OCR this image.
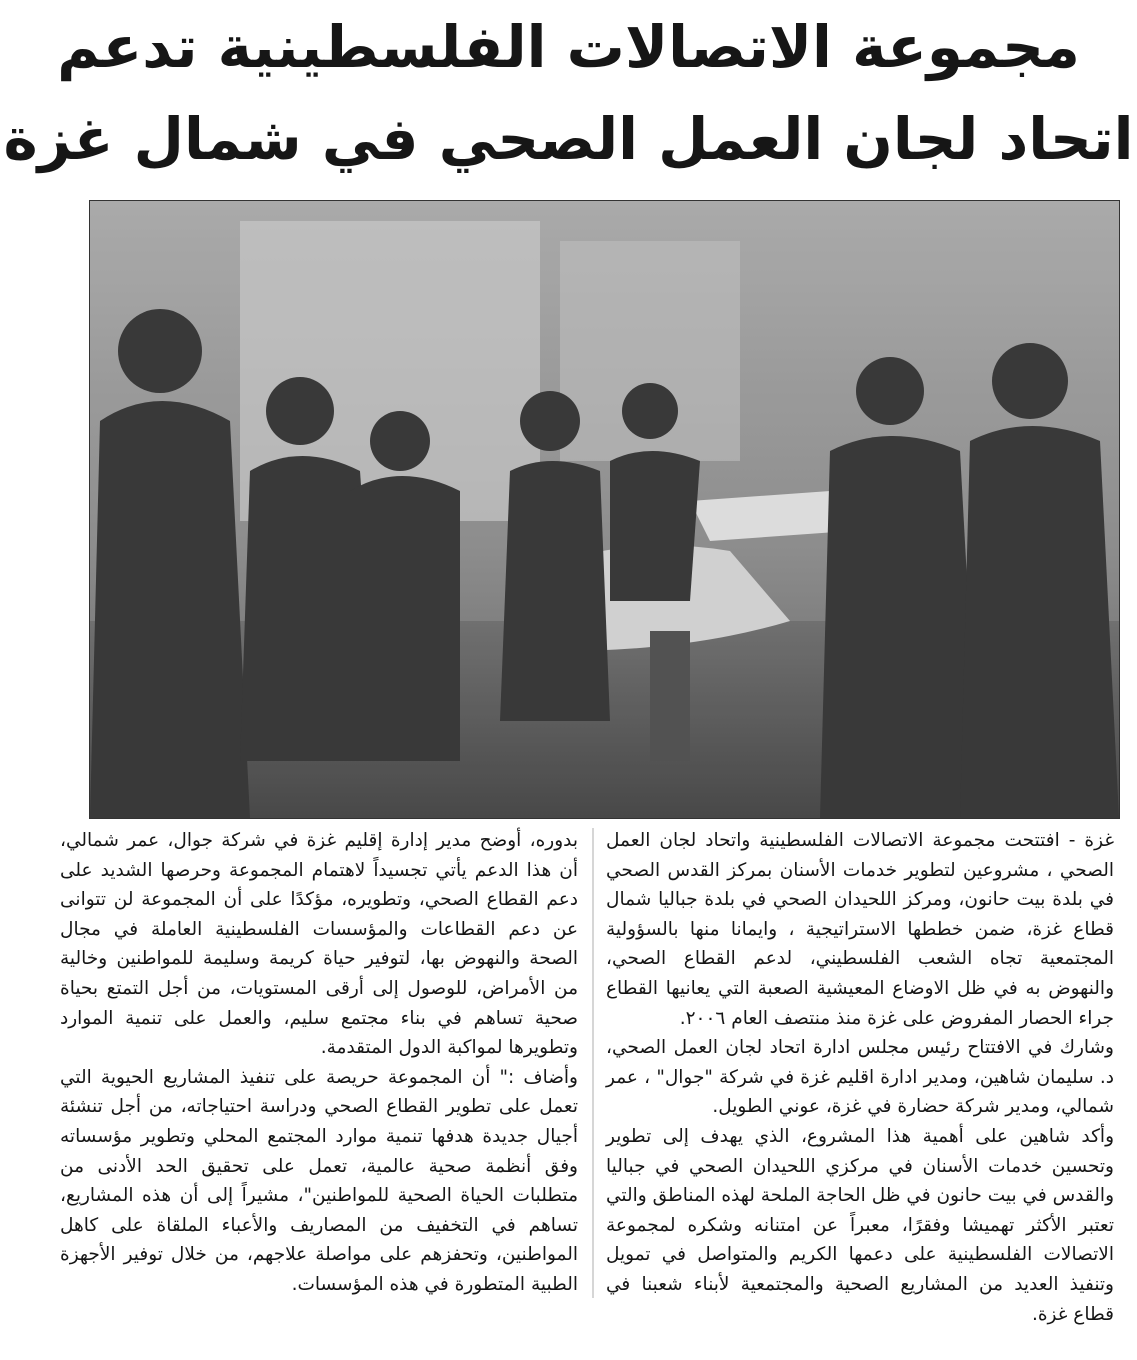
مجموعة الاتصالات الفلسطينية تدعم
اتحاد لجان العمل الصحي في شمال غزة

غزة - افتتحت مجموعة الاتصالات الفلسطينية واتحاد لجان العمل الصحي ، مشروعين لتطوير خدمات الأسنان بمركز القدس الصحي في بلدة بيت حانون، ومركز اللحيدان الصحي في بلدة جباليا شمال قطاع غزة، ضمن خططها الاستراتيجية ، وايمانا منها بالسؤولية المجتمعية تجاه الشعب الفلسطيني، لدعم القطاع الصحي، والنهوض به في ظل الاوضاع المعيشية الصعبة التي يعانيها القطاع جراء الحصار المفروض على غزة منذ منتصف العام ٢٠٠٦.

وشارك في الافتتاح رئيس مجلس ادارة اتحاد لجان العمل الصحي، د. سليمان شاهين، ومدير ادارة اقليم غزة في شركة "جوال" ، عمر شمالي، ومدير شركة حضارة في غزة، عوني الطويل.

وأكد شاهين على أهمية هذا المشروع، الذي يهدف إلى تطوير وتحسين خدمات الأسنان في مركزي اللحيدان الصحي في جباليا والقدس في بيت حانون في ظل الحاجة الملحة لهذه المناطق والتي تعتبر الأكثر تهميشا وفقرًا، معبراً عن امتنانه وشكره لمجموعة الاتصالات الفلسطينية على دعمها الكريم والمتواصل في تمويل وتنفيذ العديد من المشاريع الصحية والمجتمعية لأبناء شعبنا في قطاع غزة.

بدوره، أوضح مدير إدارة إقليم غزة في شركة جوال، عمر شمالي، أن هذا الدعم يأتي تجسيداً لاهتمام المجموعة وحرصها الشديد على دعم القطاع الصحي، وتطويره، مؤكدًا على أن المجموعة لن تتوانى عن دعم القطاعات والمؤسسات الفلسطينية العاملة في مجال الصحة والنهوض بها، لتوفير حياة كريمة وسليمة للمواطنين وخالية من الأمراض، للوصول إلى أرقى المستويات، من أجل التمتع بحياة صحية تساهم في بناء مجتمع سليم، والعمل على تنمية الموارد وتطويرها لمواكبة الدول المتقدمة.

وأضاف :" أن المجموعة حريصة على تنفيذ المشاريع الحيوية التي تعمل على تطوير القطاع الصحي ودراسة احتياجاته، من أجل تنشئة أجيال جديدة هدفها تنمية موارد المجتمع المحلي وتطوير مؤسساته وفق أنظمة صحية عالمية، تعمل على تحقيق الحد الأدنى من متطلبات الحياة الصحية للمواطنين"، مشيراً إلى أن هذه المشاريع، تساهم في التخفيف من المصاريف والأعباء الملقاة على كاهل المواطنين، وتحفزهم على مواصلة علاجهم، من خلال توفير الأجهزة الطبية المتطورة في هذه المؤسسات.
